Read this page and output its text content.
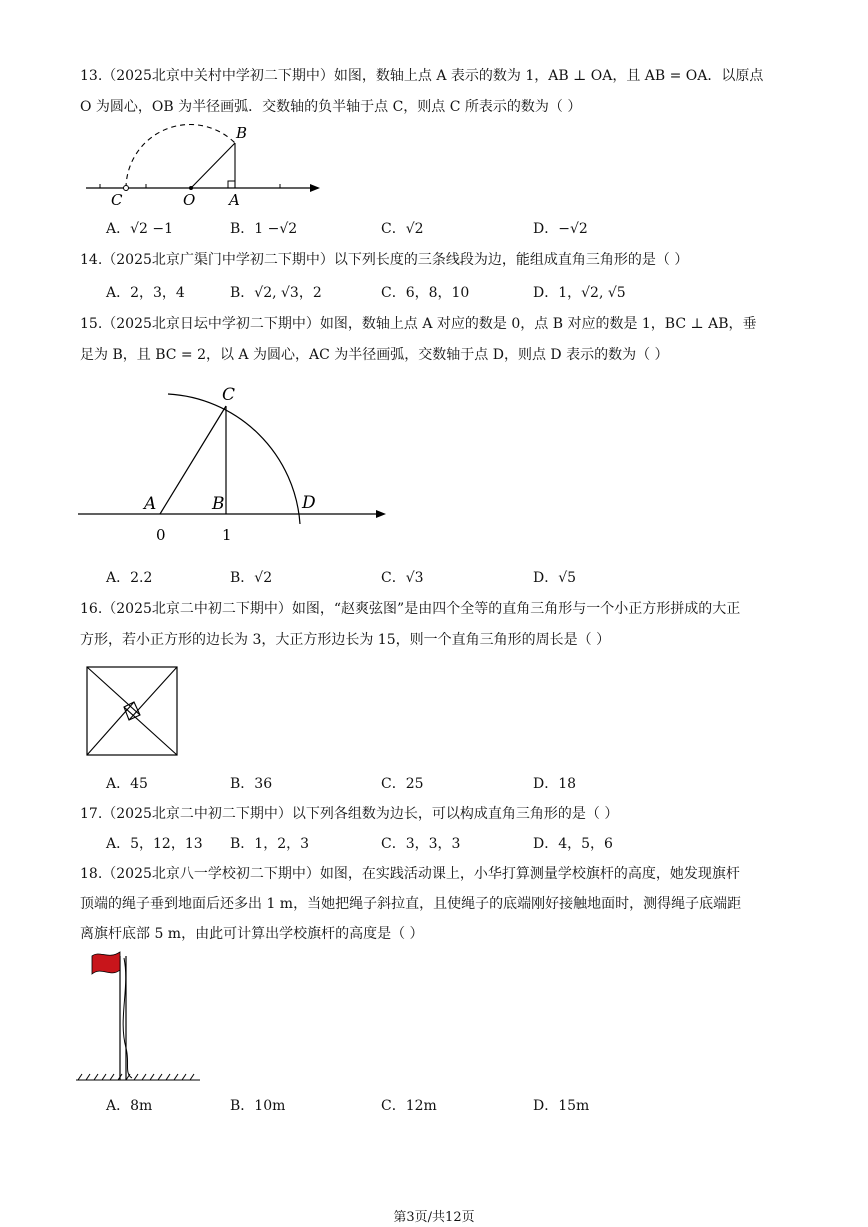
13.（2025北京中关村中学初二下期中）如图，数轴上点 A 表示的数为 1，AB ⊥ OA，且 AB = OA．以原点
O 为圆心，OB 为半径画弧．交数轴的负半轴于点 C，则点 C 所表示的数为（ ）
B
C	O A
A．√2 −1	B．1 −√2	C．√2	D．−√2
14.（2025北京广渠门中学初二下期中）以下列长度的三条线段为边，能组成直角三角形的是（ ）
A．2，3，4	B．√2, √3，2	C．6，8，10	D．1，√2, √5
15.（2025北京日坛中学初二下期中）如图，数轴上点 A 对应的数是 0，点 B 对应的数是 1，BC ⊥ AB，垂
足为 B，且 BC = 2，以 A 为圆心，AC 为半径画弧，交数轴于点 D，则点 D 表示的数为（ ）
C
A	B	D
0	1
A．2.2	B．√2	C．√3	D．√5
16.（2025北京二中初二下期中）如图，“赵爽弦图”是由四个全等的直角三角形与一个小正方形拼成的大正
方形，若小正方形的边长为 3，大正方形边长为 15，则一个直角三角形的周长是（ ）
A．45	B．36	C．25	D．18
17.（2025北京二中初二下期中）以下列各组数为边长，可以构成直角三角形的是（ ）
A．5，12，13 B．1，2，3	C．3，3，3	D．4，5，6
18.（2025北京八一学校初二下期中）如图，在实践活动课上，小华打算测量学校旗杆的高度，她发现旗杆
顶端的绳子垂到地面后还多出 1 m，当她把绳子斜拉直，且使绳子的底端刚好接触地面时，测得绳子底端距
离旗杆底部 5 m，由此可计算出学校旗杆的高度是（ ）
A．8m	B．10m	C．12m	D．15m
第3页/共12页
